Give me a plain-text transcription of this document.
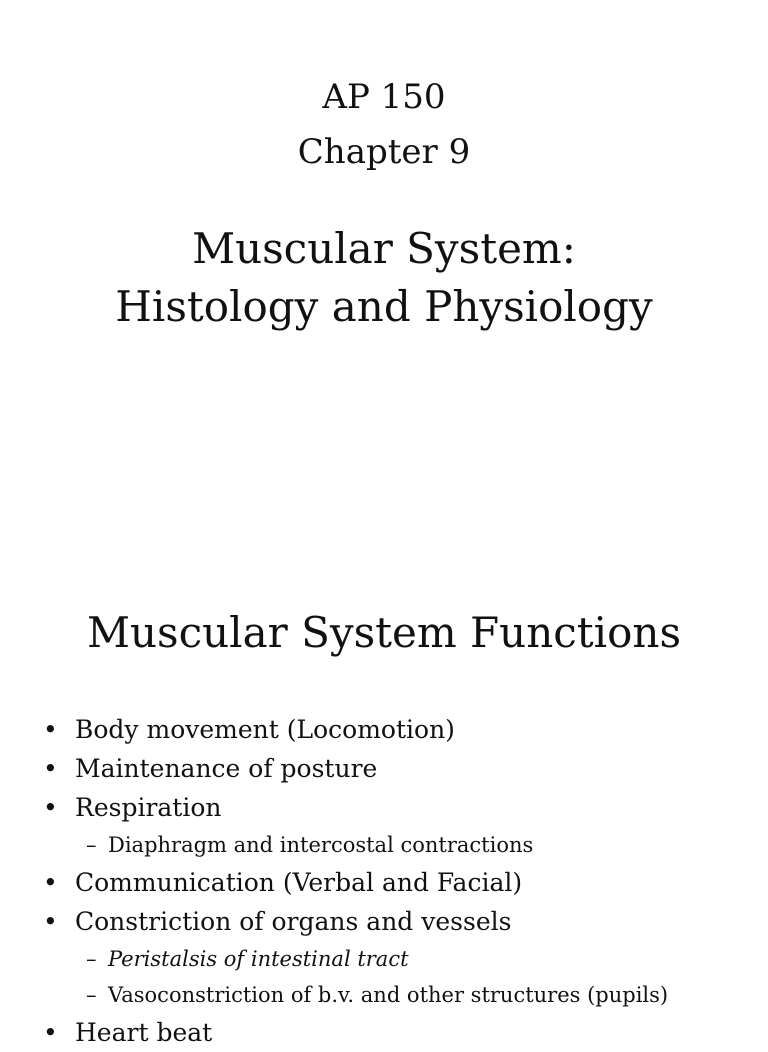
AP 150
Chapter 9
Muscular System:
Histology and Physiology
Muscular System Functions
• Body movement (Locomotion)
• Maintenance of posture
• Respiration
– Diaphragm and intercostal contractions
• Communication (Verbal and Facial)
• Constriction of organs and vessels
– Peristalsis of intestinal tract
– Vasoconstriction of b.v. and other structures (pupils)
• Heart beat
